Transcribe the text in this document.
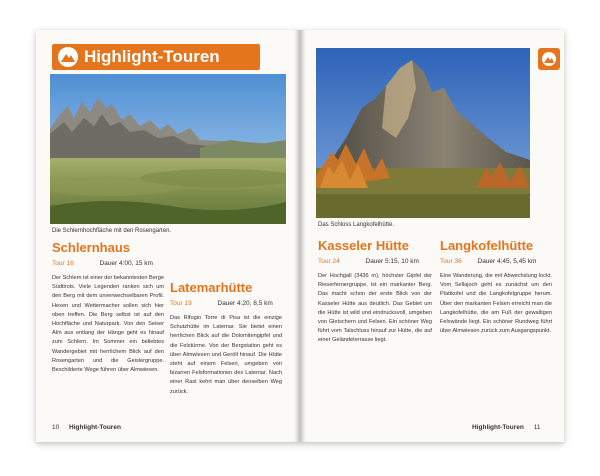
Highlight-Touren
Die Schlernhochfläche mit den Rosengarten.
Schlernhaus
Tour 16	Dauer 4:00, 15 km
Der Schlern ist einer der bekanntesten Berge Südtirols. Viele Legenden ranken sich um den Berg mit dem unverwechselbaren Profil. Hexen und Wettermacher sollen sich hier oben treffen. Die Berg selbst ist auf den Hochfläche und Naturpark. Von den Seiser Alm aus entlang der Hänge geht es hinauf zum Schlern. Im Sommer ein beliebtes Wandergebiet mit herrlichem Blick auf den Rosengarten und die Geislergruppe. Beschilderte Wege führen über Almwiesen.
Latemarhütte
Tour 19	Dauer 4:20, 8,5 km
Das Rifugio Torre di Pisa ist die einzige Schutzhütte im Latemar. Sie bietet einen herrlichen Blick auf die Dolomitengipfel und die Felstürme. Von der Bergstation geht es über Almwiesen und Geröll hinauf. Die Hütte steht auf einem Felsen, umgeben von bizarren Felsformationen des Latemar. Nach einer Rast kehrt man über denselben Weg zurück.
10 Highlight-Touren
Das Schloss Langkofelhütte.
Kasseler Hütte
Tour 24	Dauer 5:15, 10 km
Der Hochgall (3436 m), höchster Gipfel der Rieserfernergruppe, ist ein markanter Berg. Das macht schon der erste Blick von der Kasseler Hütte aus deutlich. Das Gebiet um die Hütte ist wild und eindrucksvoll, umgeben von Gletschern und Felsen. Ein schöner Weg führt vom Talschluss hinauf zur Hütte, die auf einer Geländeterrasse liegt.
Langkofelhütte
Tour 36 Dauer 4:45, 5,45 km
Eine Wanderung, die mit Abwechslung lockt. Vom Sellajoch geht es zunächst um den Plattkofel und die Langkofelgruppe herum. Über den markanten Felsen erreicht man die Langkofelhütte, die am Fuß der gewaltigen Felswände liegt. Ein schöner Rundweg führt über Almwiesen zurück zum Ausgangspunkt.
Highlight-Touren 11
